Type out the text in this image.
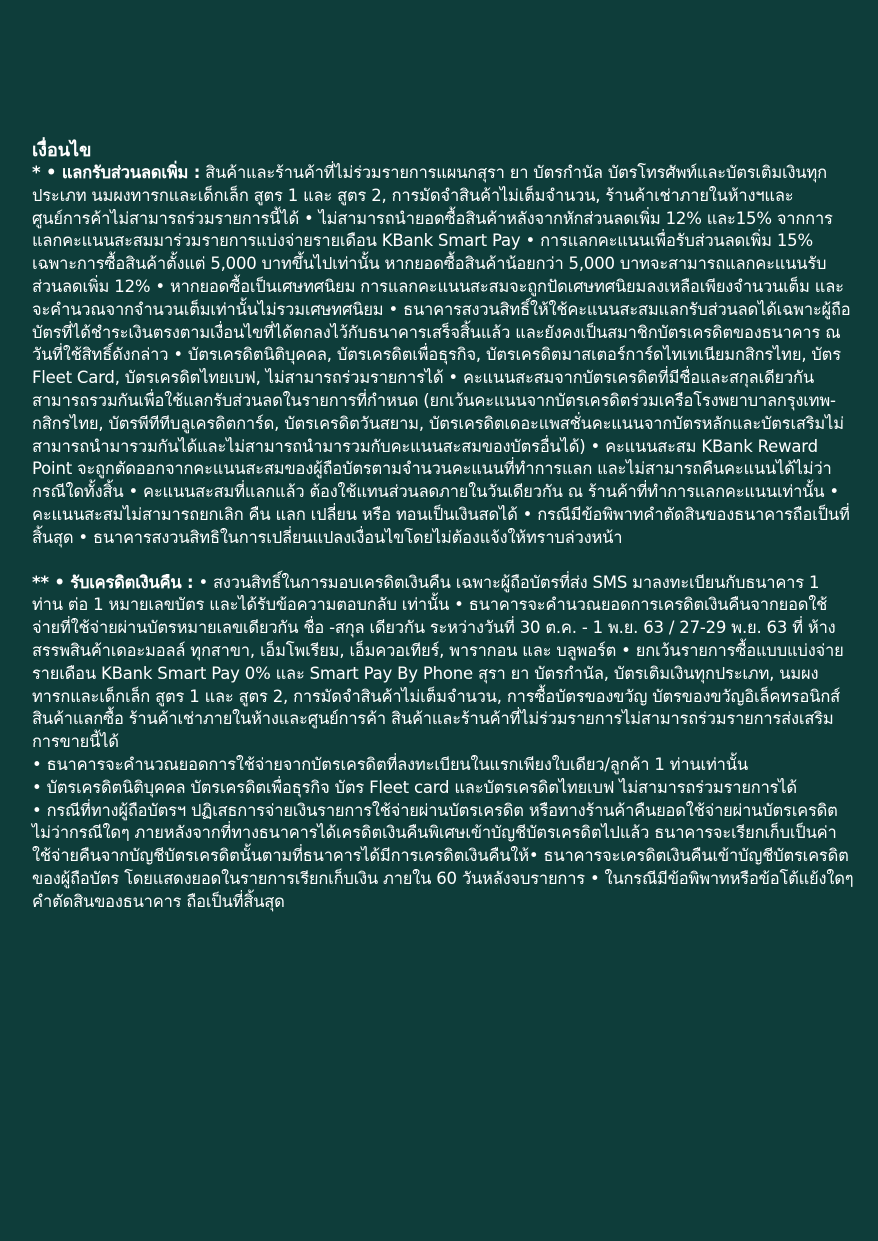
เงื่อนไข

* • แลกรับส่วนลดเพิ่ม : สินค้าและร้านค้าที่ไม่ร่วมรายการแผนกสุรา ยา บัตรกำนัล บัตรโทรศัพท์และบัตรเติมเงินทุกประเภท นมผงทารกและเด็กเล็ก สูตร 1 และ สูตร 2, การมัดจำสินค้าไม่เต็มจำนวน, ร้านค้าเช่าภายในห้างฯและศูนย์การค้าไม่สามารถร่วมรายการนี้ได้ • ไม่สามารถนำยอดซื้อสินค้าหลังจากหักส่วนลดเพิ่ม 12% และ15% จากการแลกคะแนนสะสมมาร่วมรายการแบ่งจ่ายรายเดือน KBank Smart Pay • การแลกคะแนนเพื่อรับส่วนลดเพิ่ม 15% เฉพาะการซื้อสินค้าตั้งแต่ 5,000 บาทขึ้นไปเท่านั้น หากยอดซื้อสินค้าน้อยกว่า 5,000 บาทจะสามารถแลกคะแนนรับส่วนลดเพิ่ม 12% • หากยอดซื้อเป็นเศษทศนิยม การแลกคะแนนสะสมจะถูกปัดเศษทศนิยมลงเหลือเพียงจำนวนเต็ม และจะคำนวณจากจำนวนเต็มเท่านั้นไม่รวมเศษทศนิยม • ธนาคารสงวนสิทธิ์ให้ใช้คะแนนสะสมแลกรับส่วนลดได้เฉพาะผู้ถือบัตรที่ได้ชำระเงินตรงตามเงื่อนไขที่ได้ตกลงไว้กับธนาคารเสร็จสิ้นแล้ว และยังคงเป็นสมาชิกบัตรเครดิตของธนาคาร ณ วันที่ใช้สิทธิ์ดังกล่าว • บัตรเครดิตนิติบุคคล, บัตรเครดิตเพื่อธุรกิจ, บัตรเครดิตมาสเตอร์การ์ดไทเทเนียมกสิกรไทย, บัตร Fleet Card, บัตรเครดิตไทยเบฟ, ไม่สามารถร่วมรายการได้ • คะแนนสะสมจากบัตรเครดิตที่มีชื่อและสกุลเดียวกัน สามารถรวมกันเพื่อใช้แลกรับส่วนลดในรายการที่กำหนด (ยกเว้นคะแนนจากบัตรเครดิตร่วมเครือโรงพยาบาลกรุงเทพ-กสิกรไทย, บัตรพีทีทีบลูเครดิตการ์ด, บัตรเครดิตวันสยาม, บัตรเครดิตเดอะแพสชั่นคะแนนจากบัตรหลักและบัตรเสริมไม่สามารถนำมารวมกันได้และไม่สามารถนำมารวมกับคะแนนสะสมของบัตรอื่นได้) • คะแนนสะสม KBank Reward Point จะถูกตัดออกจากคะแนนสะสมของผู้ถือบัตรตามจำนวนคะแนนที่ทำการแลก และไม่สามารถคืนคะแนนได้ไม่ว่ากรณีใดทั้งสิ้น • คะแนนสะสมที่แลกแล้ว ต้องใช้แทนส่วนลดภายในวันเดียวกัน ณ ร้านค้าที่ทำการแลกคะแนนเท่านั้น • คะแนนสะสมไม่สามารถยกเลิก คืน แลก เปลี่ยน หรือ ทอนเป็นเงินสดได้ • กรณีมีข้อพิพาทคำตัดสินของธนาคารถือเป็นที่สิ้นสุด • ธนาคารสงวนสิทธิในการเปลี่ยนแปลงเงื่อนไขโดยไม่ต้องแจ้งให้ทราบล่วงหน้า

** • รับเครดิตเงินคืน : • สงวนสิทธิ์ในการมอบเครดิตเงินคืน เฉพาะผู้ถือบัตรที่ส่ง SMS มาลงทะเบียนกับธนาคาร 1 ท่าน ต่อ 1 หมายเลขบัตร และได้รับข้อความตอบกลับ เท่านั้น • ธนาคารจะคำนวณยอดการเครดิตเงินคืนจากยอดใช้จ่ายที่ใช้จ่ายผ่านบัตรหมายเลขเดียวกัน ชื่อ -สกุล เดียวกัน ระหว่างวันที่ 30 ต.ค. - 1 พ.ย. 63 / 27-29 พ.ย. 63 ที่ ห้างสรรพสินค้าเดอะมอลล์ ทุกสาขา, เอ็มโพเรียม, เอ็มควอเทียร์, พารากอน และ บลูพอร์ต • ยกเว้นรายการซื้อแบบแบ่งจ่ายรายเดือน KBank Smart Pay 0% และ Smart Pay By Phone สุรา ยา บัตรกำนัล, บัตรเติมเงินทุกประเภท, นมผงทารกและเด็กเล็ก สูตร 1 และ สูตร 2, การมัดจำสินค้าไม่เต็มจำนวน, การซื้อบัตรของขวัญ บัตรของขวัญอิเล็คทรอนิกส์ สินค้าแลกซื้อ ร้านค้าเช่าภายในห้างและศูนย์การค้า สินค้าและร้านค้าที่ไม่ร่วมรายการไม่สามารถร่วมรายการส่งเสริมการขายนี้ได้
• ธนาคารจะคำนวณยอดการใช้จ่ายจากบัตรเครดิตที่ลงทะเบียนในแรกเพียงใบเดียว/ลูกค้า 1 ท่านเท่านั้น
• บัตรเครดิตนิติบุคคล บัตรเครดิตเพื่อธุรกิจ บัตร Fleet card และบัตรเครดิตไทยเบฟ ไม่สามารถร่วมรายการได้
• กรณีที่ทางผู้ถือบัตรฯ ปฏิเสธการจ่ายเงินรายการใช้จ่ายผ่านบัตรเครดิต หรือทางร้านค้าคืนยอดใช้จ่ายผ่านบัตรเครดิตไม่ว่ากรณีใดๆ ภายหลังจากที่ทางธนาคารได้เครดิตเงินคืนพิเศษเข้าบัญชีบัตรเครดิตไปแล้ว ธนาคารจะเรียกเก็บเป็นค่าใช้จ่ายคืนจากบัญชีบัตรเครดิตนั้นตามที่ธนาคารได้มีการเครดิตเงินคืนให้• ธนาคารจะเครดิตเงินคืนเข้าบัญชีบัตรเครดิตของผู้ถือบัตร โดยแสดงยอดในรายการเรียกเก็บเงิน ภายใน 60 วันหลังจบรายการ • ในกรณีมีข้อพิพาทหรือข้อโต้แย้งใดๆ คำตัดสินของธนาคาร ถือเป็นที่สิ้นสุด
